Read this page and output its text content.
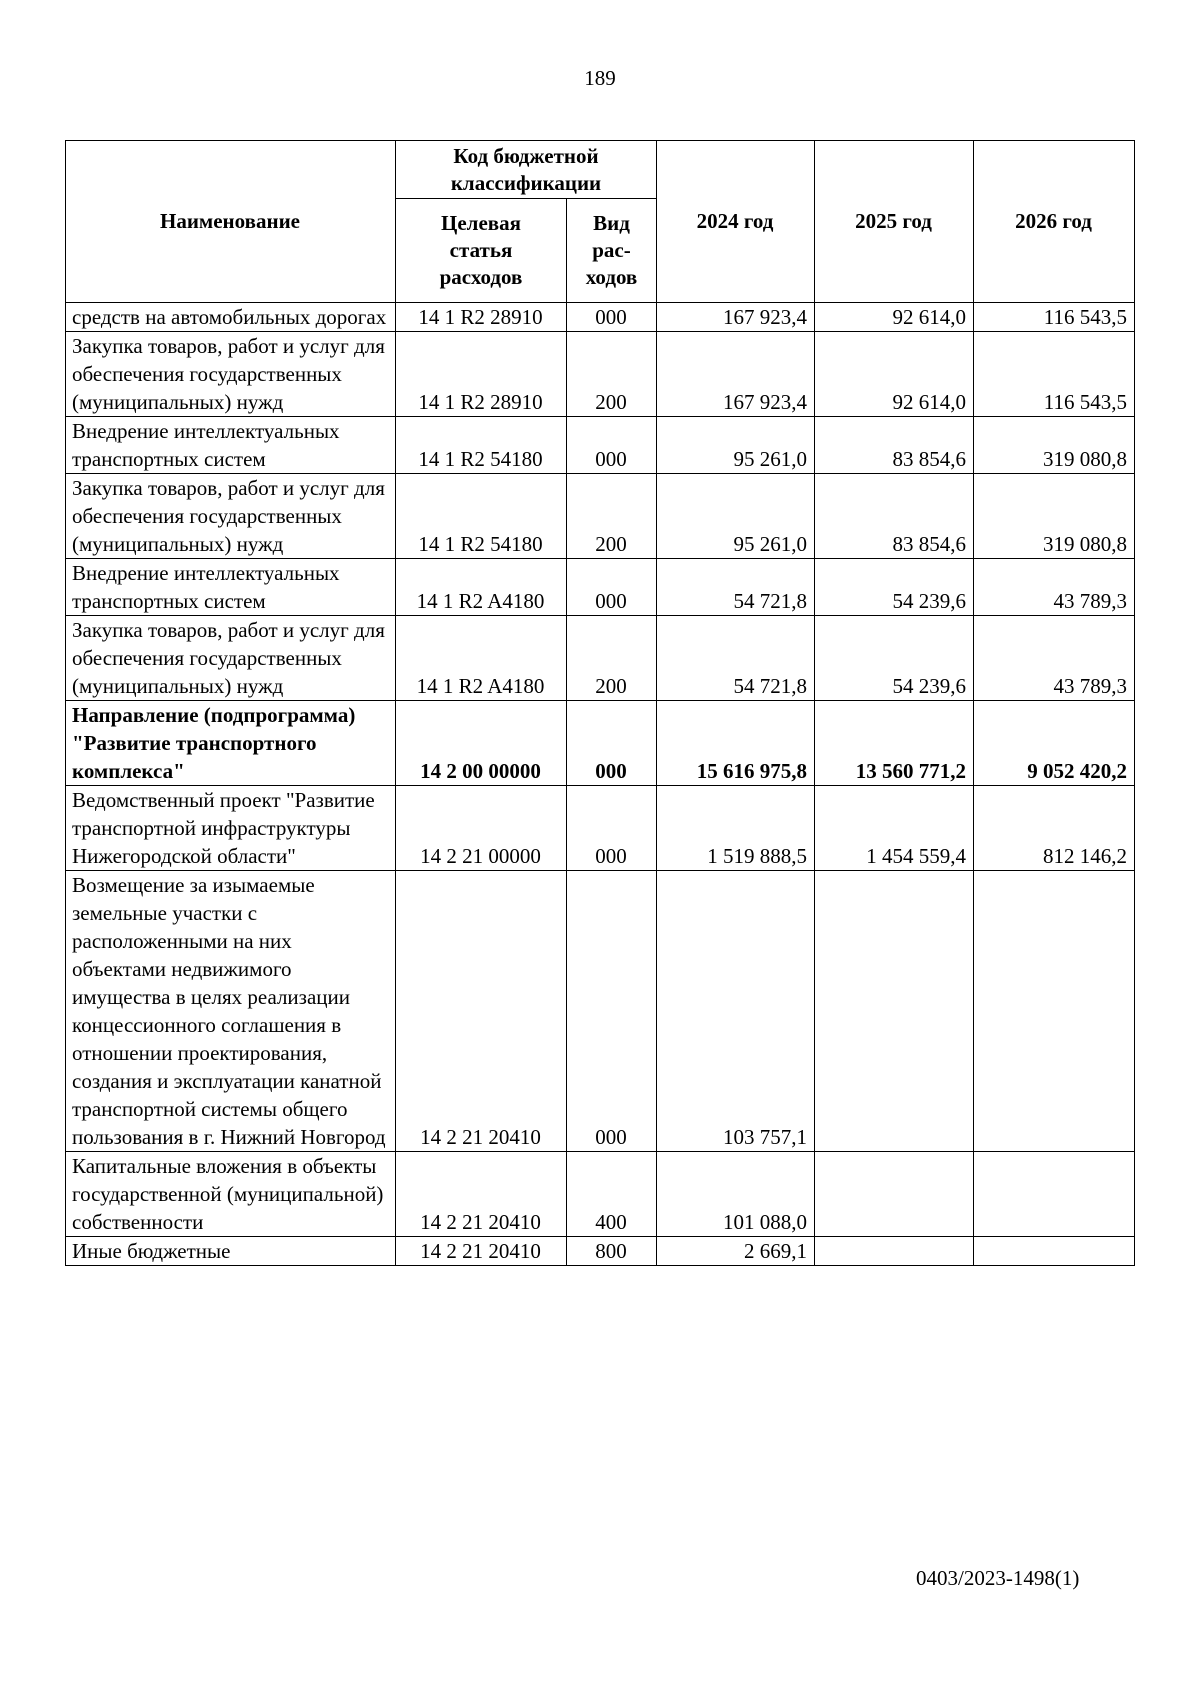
189
Наименование	Код бюджетной классификации		2024 год	2025 год	2026 год
	Целевая статья расходов	Вид рас-ходов			
средств на автомобильных дорогах	14 1 R2 28910	000	167 923,4	92 614,0	116 543,5
Закупка товаров, работ и услуг для обеспечения государственных (муниципальных) нужд	14 1 R2 28910	200	167 923,4	92 614,0	116 543,5
Внедрение интеллектуальных транспортных систем	14 1 R2 54180	000	95 261,0	83 854,6	319 080,8
Закупка товаров, работ и услуг для обеспечения государственных (муниципальных) нужд	14 1 R2 54180	200	95 261,0	83 854,6	319 080,8
Внедрение интеллектуальных транспортных систем	14 1 R2 A4180	000	54 721,8	54 239,6	43 789,3
Закупка товаров, работ и услуг для обеспечения государственных (муниципальных) нужд	14 1 R2 A4180	200	54 721,8	54 239,6	43 789,3
Направление (подпрограмма) "Развитие транспортного комплекса"	14 2 00 00000	000	15 616 975,8	13 560 771,2	9 052 420,2
Ведомственный проект "Развитие транспортной инфраструктуры Нижегородской области"	14 2 21 00000	000	1 519 888,5	1 454 559,4	812 146,2
Возмещение за изымаемые земельные участки с расположенными на них объектами недвижимого имущества в целях реализации концессионного соглашения в отношении проектирования, создания и эксплуатации канатной транспортной системы общего пользования в г. Нижний Новгород	14 2 21 20410	000	103 757,1		
Капитальные вложения в объекты государственной (муниципальной) собственности	14 2 21 20410	400	101 088,0		
Иные бюджетные	14 2 21 20410	800	2 669,1		
0403/2023-1498(1)
